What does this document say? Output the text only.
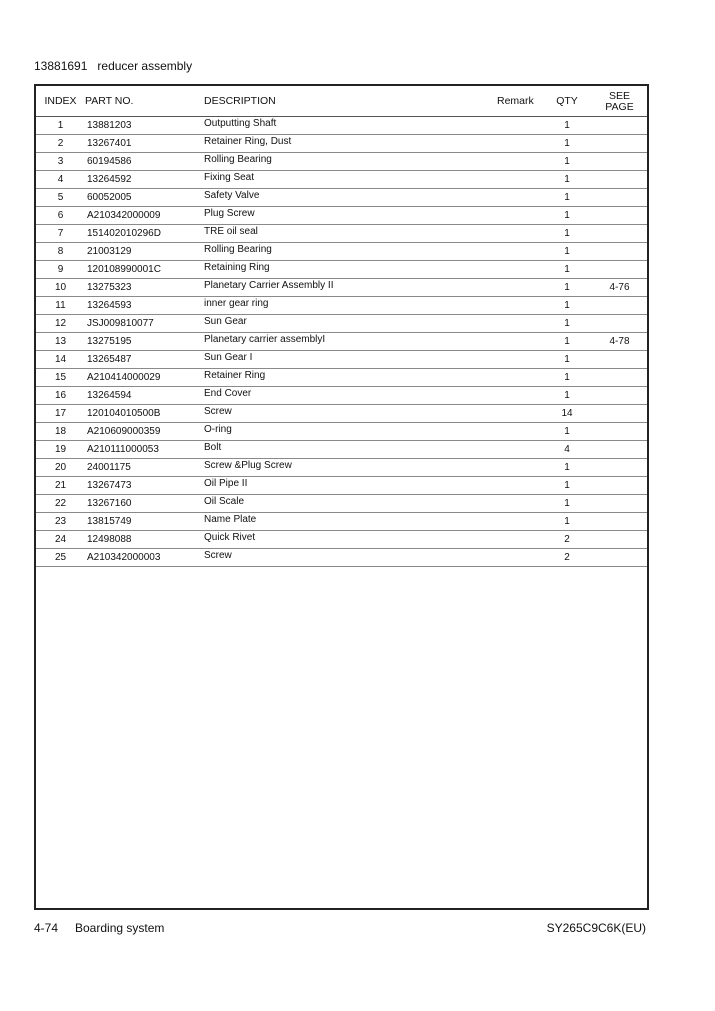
13881691   reducer assembly
INDEX	PART NO.	DESCRIPTION	Remark	QTY	SEE
PAGE

1	13881203	Outputting Shaft		1	
2	13267401	Retainer Ring, Dust		1	
3	60194586	Rolling Bearing		1	
4	13264592	Fixing Seat		1	
5	60052005	Safety Valve		1	
6	A210342000009	Plug Screw		1	
7	151402010296D	TRE oil seal		1	
8	21003129	Rolling Bearing		1	
9	120108990001C	Retaining Ring		1	
10	13275323	Planetary Carrier Assembly II		1	4-76
11	13264593	inner gear ring		1	
12	JSJ009810077	Sun Gear		1	
13	13275195	Planetary carrier assemblyI		1	4-78
14	13265487	Sun Gear I		1	
15	A210414000029	Retainer Ring		1	
16	13264594	End Cover		1	
17	120104010500B	Screw		14	
18	A210609000359	O-ring		1	
19	A210111000053	Bolt		4	
20	24001175	Screw &Plug Screw		1	
21	13267473	Oil Pipe II		1	
22	13267160	Oil Scale		1	
23	13815749	Name Plate		1	
24	12498088	Quick Rivet		2	
25	A210342000003	Screw		2	
4-74 Boarding system	SY265C9C6K(EU)
